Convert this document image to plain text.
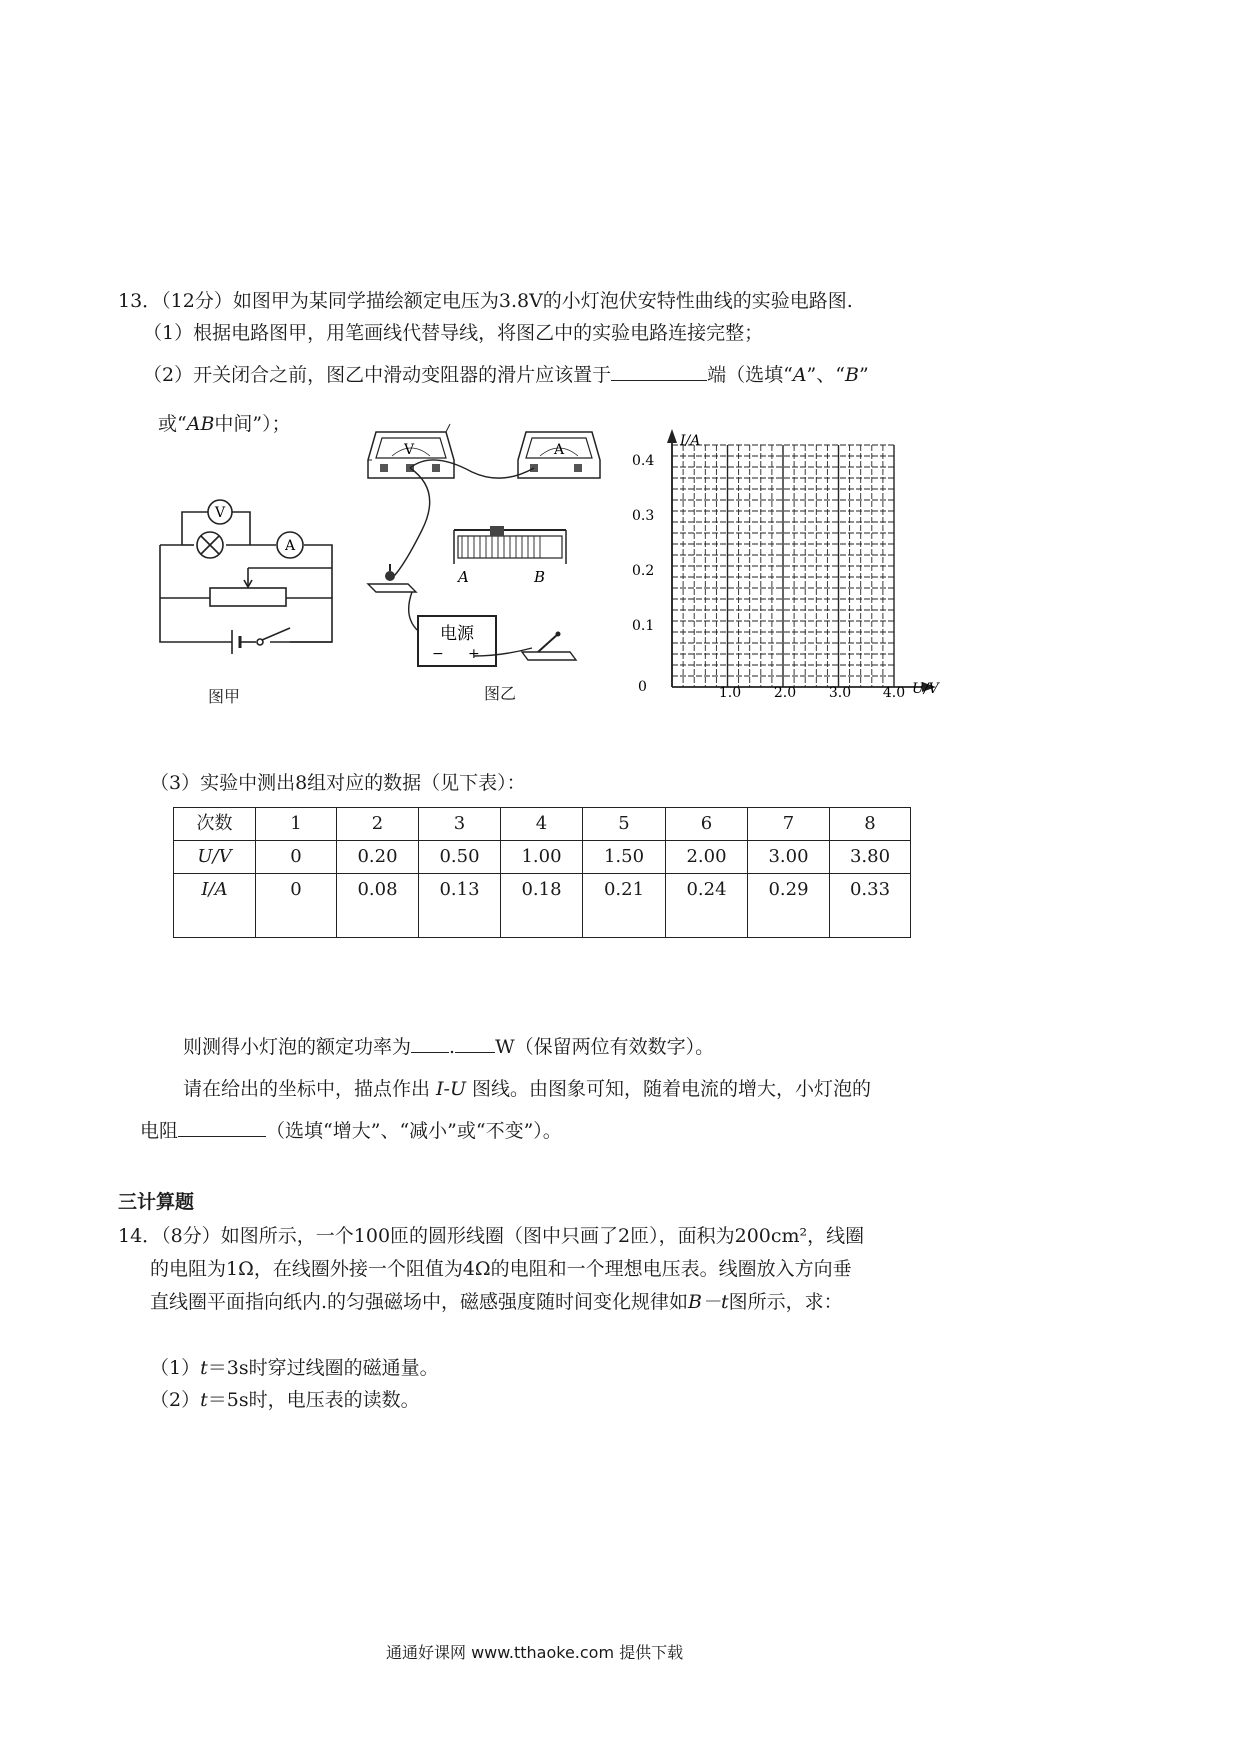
13．（12分）如图甲为某同学描绘额定电压为3.8V的小灯泡伏安特性曲线的实验电路图.
（1）根据电路图甲，用笔画线代替导线，将图乙中的实验电路连接完整；
（2）开关闭合之前，图乙中滑动变阻器的滑片应该置于	端（选填“A”、“B”
或“AB中间”）；
V
A
图甲
V	A
A	B
电源
− +
图乙
I/A
U/V
0
0.4
0.3
0.2
0.1
1.0 2.0 3.0 4.0
（3）实验中测出8组对应的数据（见下表）：
次数	1	2	3	4	5	6	7	8

U/V	0	0.20	0.50	1.00	1.50	2.00	3.00	3.80

I/A	0	0.08	0.13	0.18	0.21	0.24	0.29	0.33
则测得小灯泡的额定功率为 . W（保留两位有效数字）。
请在给出的坐标中，描点作出 I-U 图线。由图象可知，随着电流的增大，小灯泡的
电阻	（选填“增大”、“减小”或“不变”）。
三计算题
14．（8分）如图所示，一个100匝的圆形线圈（图中只画了2匝），面积为200cm²，线圈
的电阻为1Ω，在线圈外接一个阻值为4Ω的电阻和一个理想电压表。线圈放入方向垂
直线圈平面指向纸内.的匀强磁场中，磁感强度随时间变化规律如B－t图所示，求：
（1）t＝3s时穿过线圈的磁通量。
（2）t＝5s时，电压表的读数。
通通好课网 www.tthaoke.com 提供下载
